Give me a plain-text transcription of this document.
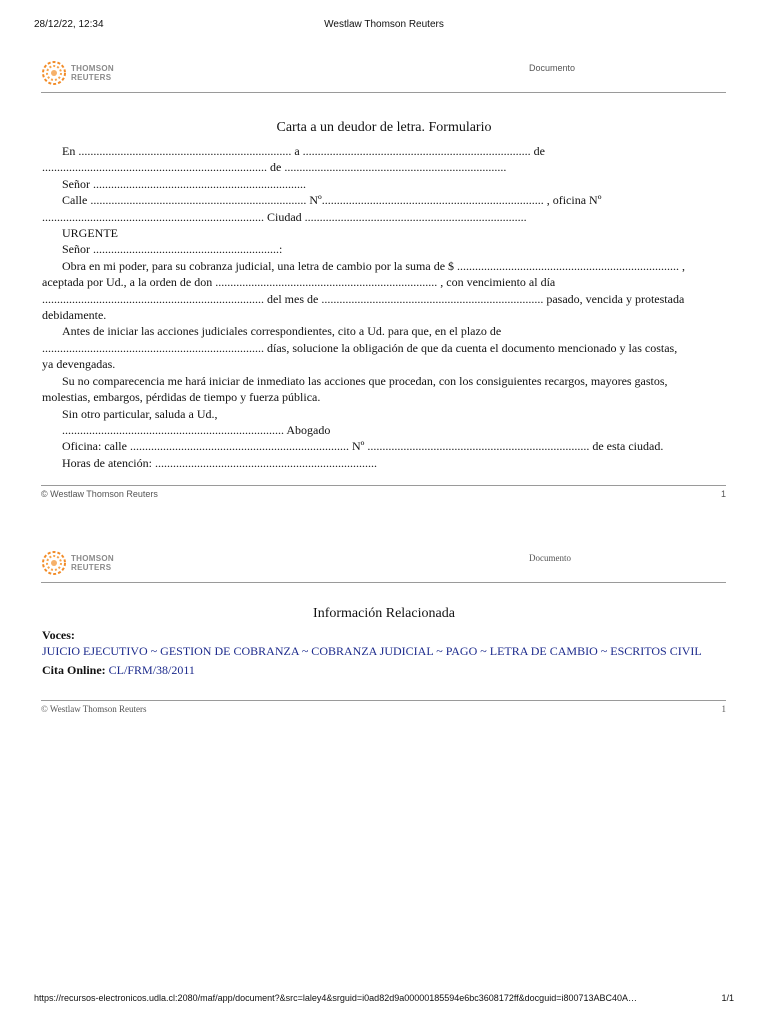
28/12/22, 12:34	Westlaw Thomson Reuters
THOMSON
REUTERS
Documento
Carta a un deudor de letra. Formulario

En ....................................................................... a ............................................................................ de

........................................................................... de ..........................................................................

Señor .......................................................................

Calle ........................................................................ Nº.......................................................................... , oficina Nº

.......................................................................... Ciudad ..........................................................................

URGENTE

Señor ..............................................................:

Obra en mi poder, para su cobranza judicial, una letra de cambio por la suma de $ .......................................................................... ,

aceptada por Ud., a la orden de don .......................................................................... , con vencimiento al día

.......................................................................... del mes de .......................................................................... pasado, vencida y protestada

debidamente.

Antes de iniciar las acciones judiciales correspondientes, cito a Ud. para que, en el plazo de

.......................................................................... días, solucione la obligación de que da cuenta el documento mencionado y las costas,

ya devengadas.

Su no comparecencia me hará iniciar de inmediato las acciones que procedan, con los consiguientes recargos, mayores gastos,

molestias, embargos, pérdidas de tiempo y fuerza pública.

Sin otro particular, saluda a Ud.,

.......................................................................... Abogado

Oficina: calle ......................................................................... Nº .......................................................................... de esta ciudad.

Horas de atención: ..........................................................................

© Westlaw Thomson Reuters	1
THOMSON
REUTERS
Documento
Información Relacionada

Voces:

JUICIO EJECUTIVO ~ GESTION DE COBRANZA ~ COBRANZA JUDICIAL ~ PAGO ~ LETRA DE CAMBIO ~ ESCRITOS CIVIL

Cita Online: CL/FRM/38/2011

© Westlaw Thomson Reuters	1
https://recursos-electronicos.udla.cl:2080/maf/app/document?&src=laley4&srguid=i0ad82d9a00000185594e6bc3608172ff&docguid=i800713ABC40A…	1/1
